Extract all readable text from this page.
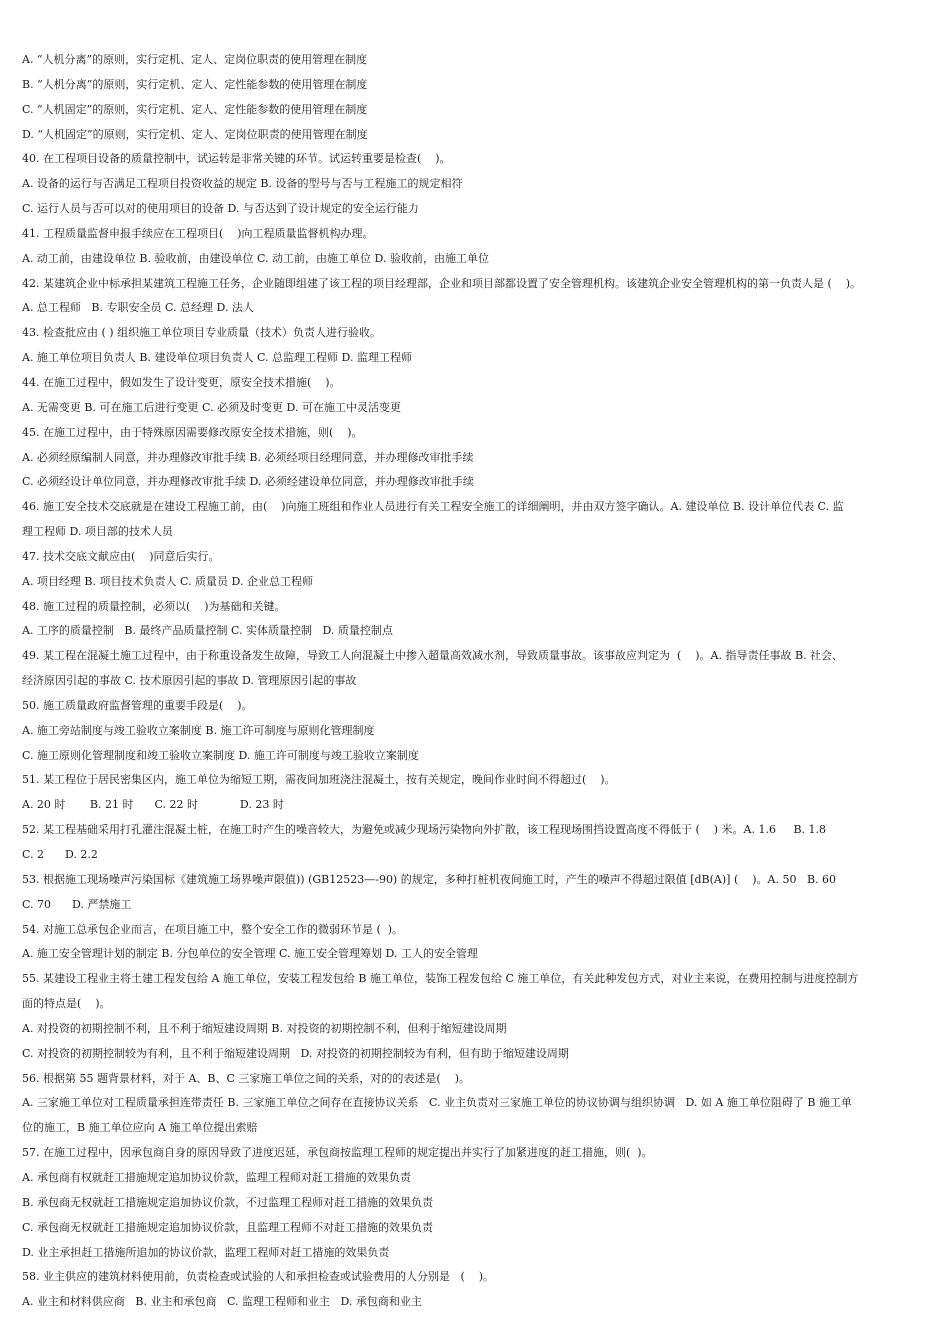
A. “人机分离”的原则，实行定机、定人、定岗位职责的使用管理在制度
B. “人机分离”的原则，实行定机、定人、定性能参数的使用管理在制度
C. “人机固定”的原则，实行定机、定人、定性能参数的使用管理在制度
D. “人机固定”的原则，实行定机、定人、定岗位职责的使用管理在制度
40. 在工程项目设备的质量控制中，试运转是非常关键的环节。试运转重要是检查(    )。
A. 设备的运行与否满足工程项目投资收益的规定 B. 设备的型号与否与工程施工的规定相符
C. 运行人员与否可以对的使用项目的设备 D. 与否达到了设计规定的安全运行能力
41. 工程质量监督申报手续应在工程项目(    )向工程质量监督机构办理。
A. 动工前，由建设单位 B. 验收前，由建设单位 C. 动工前，由施工单位 D. 验收前，由施工单位
42. 某建筑企业中标承担某建筑工程施工任务，企业随即组建了该工程的项目经理部，企业和项目部都设置了安全管理机构。该建筑企业安全管理机构的第一负责人是 (    )。
A. 总工程师   B. 专职安全员 C. 总经理 D. 法人
43. 检查批应由 ( ) 组织施工单位项目专业质量（技术）负责人进行验收。
A. 施工单位项目负责人 B. 建设单位项目负责人 C. 总监理工程师 D. 监理工程师
44. 在施工过程中，假如发生了设计变更，原安全技术措施(    )。
A. 无需变更 B. 可在施工后进行变更 C. 必须及时变更 D. 可在施工中灵活变更
45. 在施工过程中，由于特殊原因需要修改原安全技术措施，则(    )。
A. 必须经原编制人同意，并办理修改审批手续 B. 必须经项目经理同意，并办理修改审批手续
C. 必须经设计单位同意，并办理修改审批手续 D. 必须经建设单位同意，并办理修改审批手续
46. 施工安全技术交底就是在建设工程施工前，由(    )向施工班组和作业人员进行有关工程安全施工的详细阐明，并由双方签字确认。A. 建设单位 B. 设计单位代表 C. 监
理工程师 D. 项目部的技术人员
47. 技术交底文献应由(    )同意后实行。
A. 项目经理 B. 项目技术负责人 C. 质量员 D. 企业总工程师
48. 施工过程的质量控制，必须以(    )为基础和关键。
A. 工序的质量控制   B. 最终产品质量控制 C. 实体质量控制   D. 质量控制点
49. 某工程在混凝土施工过程中，由于称重设备发生故障，导致工人向混凝土中掺入超量高效减水剂，导致质量事故。该事故应判定为  (    )。A. 指导责任事故 B. 社会、
经济原因引起的事故 C. 技术原因引起的事故 D. 管理原因引起的事故
50. 施工质量政府监督管理的重要手段是(    )。
A. 施工旁站制度与竣工验收立案制度 B. 施工许可制度与原则化管理制度
C. 施工原则化管理制度和竣工验收立案制度 D. 施工许可制度与竣工验收立案制度
51. 某工程位于居民密集区内，施工单位为缩短工期，需夜间加班浇注混凝土，按有关规定，晚间作业时间不得超过(    )。
A. 20 时       B. 21 时      C. 22 时            D. 23 时
52. 某工程基础采用打孔灌注混凝土桩，在施工时产生的噪音较大，为避免或减少现场污染物向外扩散，该工程现场围挡设置高度不得低于 (    ) 米。A. 1.6     B. 1.8
C. 2      D. 2.2
53. 根据施工现场噪声污染国标《建筑施工场界噪声限值)) (GB12523—-90) 的规定，多种打桩机夜间施工时，产生的噪声不得超过限值 [dB(A)] (    )。A. 50   B. 60
C. 70      D. 严禁施工
54. 对施工总承包企业而言，在项目施工中，整个安全工作的微弱环节是 (  )。
A. 施工安全管理计划的制定 B. 分包单位的安全管理 C. 施工安全管理筹划 D. 工人的安全管理
55. 某建设工程业主将土建工程发包给 A 施工单位，安装工程发包给 B 施工单位，装饰工程发包给 C 施工单位，有关此种发包方式，对业主来说，在费用控制与进度控制方
面的特点是(    )。
A. 对投资的初期控制不利，且不利于缩短建设周期 B. 对投资的初期控制不利，但利于缩短建设周期
C. 对投资的初期控制较为有利，且不利于缩短建设周期   D. 对投资的初期控制较为有利，但有助于缩短建设周期
56. 根据第 55 题背景材料，对于 A、B、C 三家施工单位之间的关系，对的的表述是(    )。
A. 三家施工单位对工程质量承担连带责任 B. 三家施工单位之间存在直接协议关系   C. 业主负责对三家施工单位的协议协调与组织协调   D. 如 A 施工单位阻碍了 B 施工单
位的施工，B 施工单位应向 A 施工单位提出索赔
57. 在施工过程中，因承包商自身的原因导致了进度迟延，承包商按监理工程师的规定提出并实行了加紧进度的赶工措施，则(  )。
A. 承包商有权就赶工措施规定追加协议价款，监理工程师对赶工措施的效果负责
B. 承包商无权就赶工措施规定追加协议价款，不过监理工程师对赶工措施的效果负责
C. 承包商无权就赶工措施规定追加协议价款，且监理工程师不对赶工措施的效果负责
D. 业主承担赶工措施所追加的协议价款，监理工程师对赶工措施的效果负责
58. 业主供应的建筑材料使用前，负责检查或试验的人和承担检查或试验费用的人分别是   (    )。
A. 业主和材料供应商   B. 业主和承包商   C. 监理工程师和业主   D. 承包商和业主
